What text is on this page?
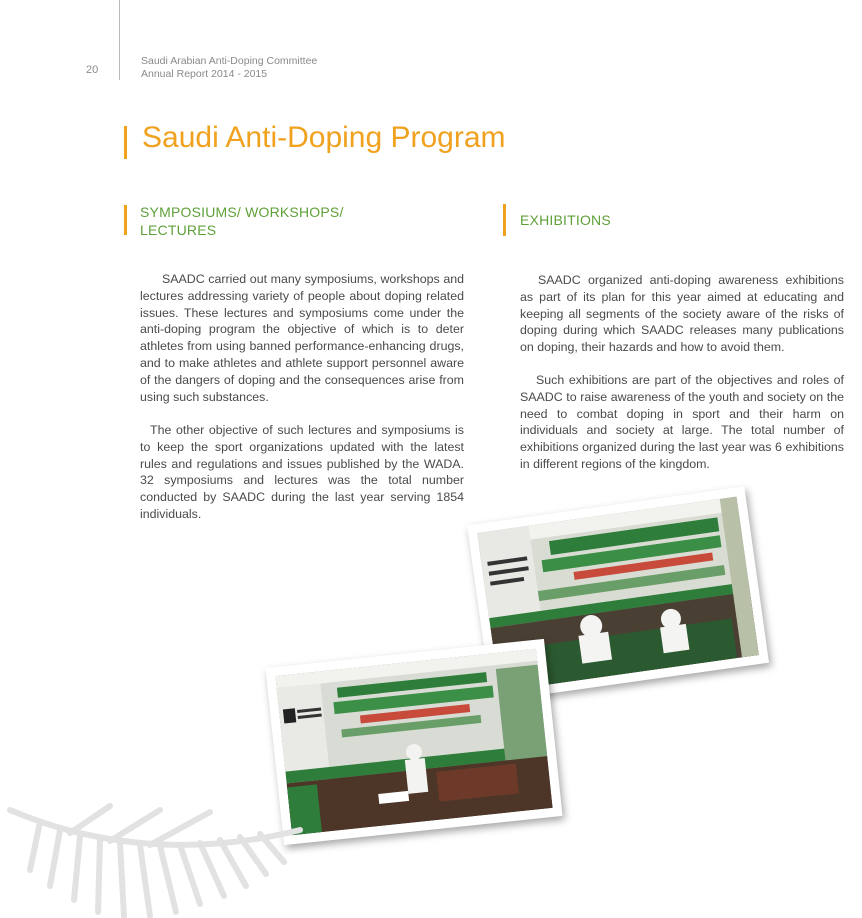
20
Saudi Arabian Anti-Doping Committee
Annual Report 2014 - 2015
Saudi Anti-Doping Program
SYMPOSIUMS/ WORKSHOPS/
LECTURES

SAADC carried out many symposiums, workshops and lectures addressing variety of people about doping related issues. These lectures and symposiums come under the anti-doping program the objective of which is to deter athletes from using banned performance-enhancing drugs, and to make athletes and athlete support personnel aware of the dangers of doping and the consequences arise from using such substances.

The other objective of such lectures and symposiums is to keep the sport organizations updated with the latest rules and regulations and issues published by the WADA. 32 symposiums and lectures was the total number conducted by SAADC during the last year serving 1854 individuals.

EXHIBITIONS

SAADC organized anti-doping awareness exhibitions as part of its plan for this year aimed at educating and keeping all segments of the society aware of the risks of doping during which SAADC releases many publications on doping, their hazards and how to avoid them.

Such exhibitions are part of the objectives and roles of SAADC to raise awareness of the youth and society on the need to combat doping in sport and their harm on individuals and society at large. The total number of exhibitions organized during the last year was 6 exhibitions in different regions of the kingdom.
